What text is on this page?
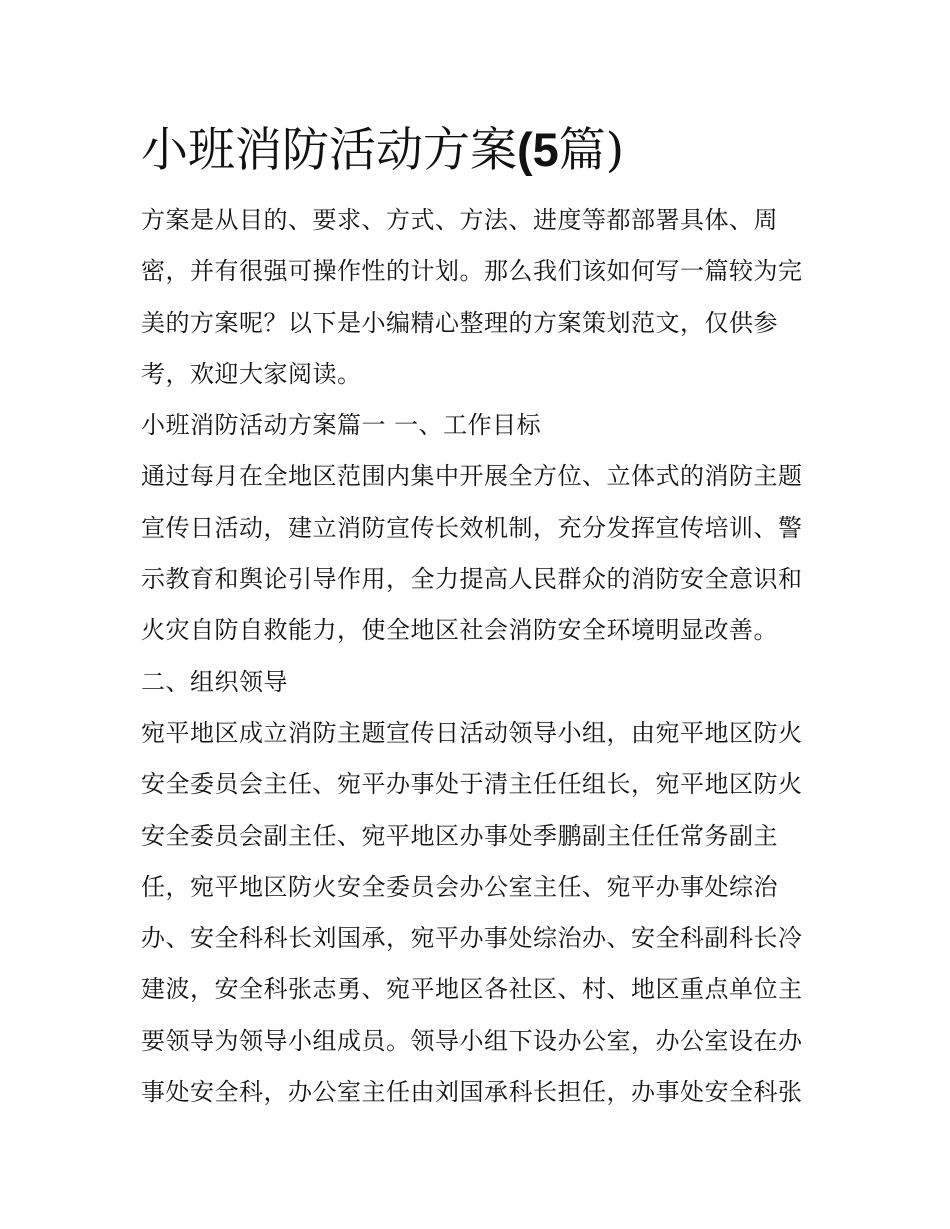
小班消防活动方案(5篇)
方案是从目的、要求、方式、方法、进度等都部署具体、周
密，并有很强可操作性的计划。那么我们该如何写一篇较为完
美的方案呢？以下是小编精心整理的方案策划范文，仅供参
考，欢迎大家阅读。
小班消防活动方案篇一 一、工作目标
通过每月在全地区范围内集中开展全方位、立体式的消防主题
宣传日活动，建立消防宣传长效机制，充分发挥宣传培训、警
示教育和舆论引导作用，全力提高人民群众的消防安全意识和
火灾自防自救能力，使全地区社会消防安全环境明显改善。
二、组织领导
宛平地区成立消防主题宣传日活动领导小组，由宛平地区防火
安全委员会主任、宛平办事处于清主任任组长，宛平地区防火
安全委员会副主任、宛平地区办事处季鹏副主任任常务副主
任，宛平地区防火安全委员会办公室主任、宛平办事处综治
办、安全科科长刘国承，宛平办事处综治办、安全科副科长冷
建波，安全科张志勇、宛平地区各社区、村、地区重点单位主
要领导为领导小组成员。领导小组下设办公室，办公室设在办
事处安全科，办公室主任由刘国承科长担任，办事处安全科张
